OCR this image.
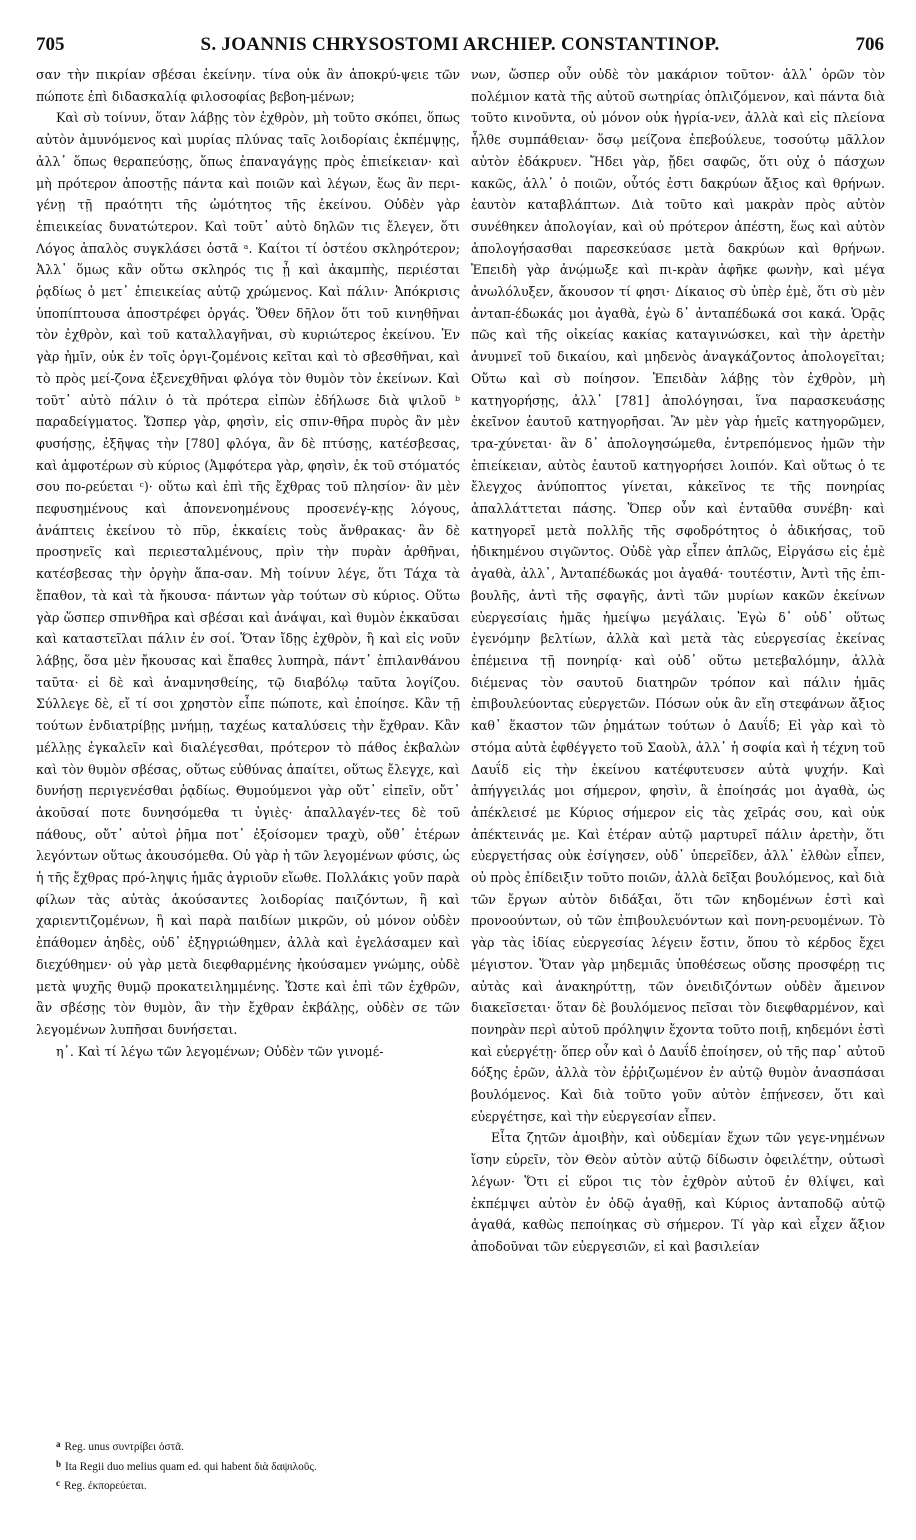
705	S. JOANNIS CHRYSOSTOMI ARCHIEP. CONSTANTINOP.	706

σαν τὴν πικρίαν σβέσαι ἐκείνην. τίνα οὐκ ἂν ἀποκρύ-ψειε τῶν πώποτε ἐπὶ διδασκαλίᾳ φιλοσοφίας βεβοη-μένων;

Καὶ σὺ τοίνυν, ὅταν λάβῃς τὸν ἐχθρὸν, μὴ τοῦτο σκόπει, ὅπως αὐτὸν ἀμυνόμενος καὶ μυρίας πλύνας ταῖς λοιδορίαις ἐκπέμψῃς, ἀλλ᾽ ὅπως θεραπεύσῃς, ὅπως ἐπαναγάγῃς πρὸς ἐπιείκειαν· καὶ μὴ πρότερον ἀποστῇς πάντα καὶ ποιῶν καὶ λέγων, ἕως ἂν περι-γένῃ τῇ πραότητι τῆς ὠμότητος τῆς ἐκείνου. Οὐδὲν γὰρ ἐπιεικείας δυνατώτερον. Καὶ τοῦτ᾽ αὐτὸ δηλῶν τις ἔλεγεν, ὅτι Λόγος ἁπαλὸς συγκλάσει ὀστᾶ ᵃ. Καίτοι τί ὀστέου σκληρότερον; Ἀλλ᾽ ὅμως κἂν οὕτω σκληρός τις ᾖ καὶ ἀκαμπὴς, περιέσται ῥᾳδίως ὁ μετ᾽ ἐπιεικείας αὐτῷ χρώμενος. Καὶ πάλιν· Ἀπόκρισις ὑποπίπτουσα ἀποστρέφει ὀργάς. Ὅθεν δῆλον ὅτι τοῦ κινηθῆναι τὸν ἐχθρὸν, καὶ τοῦ καταλλαγῆναι, σὺ κυριώτερος ἐκείνου. Ἐν γὰρ ἡμῖν, οὐκ ἐν τοῖς ὀργι-ζομένοις κεῖται καὶ τὸ σβεσθῆναι, καὶ τὸ πρὸς μεί-ζονα ἐξενεχθῆναι φλόγα τὸν θυμὸν τὸν ἐκείνων. Καὶ τοῦτ᾽ αὐτὸ πάλιν ὁ τὰ πρότερα εἰπὼν ἐδήλωσε διὰ ψιλοῦ ᵇ παραδείγματος. Ὥσπερ γὰρ, φησὶν, εἰς σπιν-θῆρα πυρὸς ἂν μὲν φυσήσῃς, ἐξῆψας τὴν [780] φλόγα, ἂν δὲ πτύσῃς, κατέσβεσας, καὶ ἀμφοτέρων σὺ κύριος (Ἀμφότερα γὰρ, φησὶν, ἐκ τοῦ στόματός σου πο-ρεύεται ᶜ)· οὕτω καὶ ἐπὶ τῆς ἔχθρας τοῦ πλησίον· ἂν μὲν πεφυσημένους καὶ ἀπονενοημένους προσενέγ-κῃς λόγους, ἀνάπτεις ἐκείνου τὸ πῦρ, ἐκκαίεις τοὺς ἄνθρακας· ἂν δὲ προσηνεῖς καὶ περιεσταλμένους, πρὶν τὴν πυρὰν ἀρθῆναι, κατέσβεσας τὴν ὀργὴν ἅπα-σαν. Μὴ τοίνυν λέγε, ὅτι Τάχα τὰ ἔπαθον, τὰ καὶ τὰ ἤκουσα· πάντων γὰρ τούτων σὺ κύριος. Οὕτω γὰρ ὥσπερ σπινθῆρα καὶ σβέσαι καὶ ἀνάψαι, καὶ θυμὸν ἐκκαῦσαι καὶ καταστεῖλαι πάλιν ἐν σοί. Ὅταν ἴδῃς ἐχθρὸν, ἢ καὶ εἰς νοῦν λάβῃς, ὅσα μὲν ἤκουσας καὶ ἔπαθες λυπηρὰ, πάντ᾽ ἐπιλανθάνου ταῦτα· εἰ δὲ καὶ ἀναμνησθείης, τῷ διαβόλῳ ταῦτα λογίζου. Σύλλεγε δὲ, εἴ τί σοι χρηστὸν εἶπε πώποτε, καὶ ἐποίησε. Κἂν τῇ τούτων ἐνδιατρίβῃς μνήμῃ, ταχέως καταλύσεις τὴν ἔχθραν. Κἂν μέλλῃς ἐγκαλεῖν καὶ διαλέγεσθαι, πρότερον τὸ πάθος ἐκβαλὼν καὶ τὸν θυμὸν σβέσας, οὕτως εὐθύνας ἀπαίτει, οὕτως ἔλεγχε, καὶ δυνήσῃ περιγενέσθαι ῥᾳδίως. Θυμούμενοι γὰρ οὔτ᾽ εἰπεῖν, οὔτ᾽ ἀκοῦσαί ποτε δυνησόμεθα τι ὑγιὲς· ἀπαλλαγέν-τες δὲ τοῦ πάθους, οὔτ᾽ αὐτοὶ ῥῆμα ποτ᾽ ἐξοίσομεν τραχὺ, οὔθ᾽ ἑτέρων λεγόντων οὕτως ἀκουσόμεθα. Οὐ γὰρ ἡ τῶν λεγομένων φύσις, ὡς ἡ τῆς ἔχθρας πρό-ληψις ἡμᾶς ἀγριοῦν εἴωθε. Πολλάκις γοῦν παρὰ φίλων τὰς αὐτὰς ἀκούσαντες λοιδορίας παιζόντων, ἢ καὶ χαριεντιζομένων, ἢ καὶ παρὰ παιδίων μικρῶν, οὐ μόνον οὐδὲν ἐπάθομεν ἀηδὲς, οὐδ᾽ ἐξηγριώθημεν, ἀλλὰ καὶ ἐγελάσαμεν καὶ διεχύθημεν· οὐ γὰρ μετὰ διεφθαρμένης ἠκούσαμεν γνώμης, οὐδὲ μετὰ ψυχῆς θυμῷ προκατειλημμένης. Ὥστε καὶ ἐπὶ τῶν ἐχθρῶν, ἂν σβέσῃς τὸν θυμὸν, ἂν τὴν ἔχθραν ἐκβάλῃς, οὐδὲν σε τῶν λεγομένων λυπῆσαι δυνήσεται.

η᾽. Καὶ τί λέγω τῶν λεγομένων; Οὐδὲν τῶν γινομέ-

νων, ὥσπερ οὖν οὐδὲ τὸν μακάριον τοῦτον· ἀλλ᾽ ὁρῶν τὸν πολέμιον κατὰ τῆς αὐτοῦ σωτηρίας ὁπλιζόμενον, καὶ πάντα διὰ τοῦτο κινοῦντα, οὐ μόνον οὐκ ἠγρία-νεν, ἀλλὰ καὶ εἰς πλείονα ἦλθε συμπάθειαν· ὅσῳ μείζονα ἐπεβούλευε, τοσούτῳ μᾶλλον αὐτὸν ἐδάκρυεν. Ἤδει γὰρ, ᾔδει σαφῶς, ὅτι οὐχ ὁ πάσχων κακῶς, ἀλλ᾽ ὁ ποιῶν, οὗτός ἐστι δακρύων ἄξιος καὶ θρήνων. ἑαυτὸν καταβλάπτων. Διὰ τοῦτο καὶ μακρὰν πρὸς αὐτὸν συνέθηκεν ἀπολογίαν, καὶ οὐ πρότερον ἀπέστη, ἕως καὶ αὐτὸν ἀπολογήσασθαι παρεσκεύασε μετὰ δακρύων καὶ θρήνων. Ἐπειδὴ γὰρ ἀνῴμωξε καὶ πι-κρὰν ἀφῆκε φωνὴν, καὶ μέγα ἀνωλόλυξεν, ἄκουσον τί φησι· Δίκαιος σὺ ὑπὲρ ἐμὲ, ὅτι σὺ μὲν ἀνταπ-έδωκάς μοι ἀγαθὰ, ἐγὼ δ᾽ ἀνταπέδωκά σοι κακά. Ὁρᾷς πῶς καὶ τῆς οἰκείας κακίας καταγινώσκει, καὶ τὴν ἀρετὴν ἀνυμνεῖ τοῦ δικαίου, καὶ μηδενὸς ἀναγκάζοντος ἀπολογεῖται; Οὕτω καὶ σὺ ποίησον. Ἐπειδὰν λάβῃς τὸν ἐχθρὸν, μὴ κατηγορήσῃς, ἀλλ᾽ [781] ἀπολόγησαι, ἵνα παρασκευάσῃς ἐκεῖνον ἑαυτοῦ κατηγορῆσαι. Ἂν μὲν γὰρ ἡμεῖς κατηγορῶμεν, τρα-χύνεται· ἂν δ᾽ ἀπολογησώμεθα, ἐντρεπόμενος ἡμῶν τὴν ἐπιείκειαν, αὐτὸς ἑαυτοῦ κατηγορήσει λοιπόν. Καὶ οὕτως ὁ τε ἔλεγχος ἀνύποπτος γίνεται, κἀκεῖνος τε τῆς πονηρίας ἀπαλλάττεται πάσης. Ὅπερ οὖν καὶ ἐνταῦθα συνέβη· καὶ κατηγορεῖ μετὰ πολλῆς τῆς σφοδρότητος ὁ ἀδικήσας, τοῦ ἠδικημένου σιγῶντος. Οὐδὲ γὰρ εἶπεν ἁπλῶς, Εἰργάσω εἰς ἐμὲ ἀγαθὰ, ἀλλ᾽, Ἀνταπέδωκάς μοι ἀγαθά· τουτέστιν, Ἀντὶ τῆς ἐπι-βουλῆς, ἀντὶ τῆς σφαγῆς, ἀντὶ τῶν μυρίων κακῶν ἐκείνων εὐεργεσίαις ἡμᾶς ἠμείψω μεγάλαις. Ἐγὼ δ᾽ οὐδ᾽ οὕτως ἐγενόμην βελτίων, ἀλλὰ καὶ μετὰ τὰς εὐεργεσίας ἐκείνας ἐπέμεινα τῇ πονηρίᾳ· καὶ οὐδ᾽ οὕτω μετεβαλόμην, ἀλλὰ διέμενας τὸν σαυτοῦ διατηρῶν τρόπον καὶ πάλιν ἡμᾶς ἐπιβουλεύοντας εὐεργετῶν. Πόσων οὐκ ἂν εἴη στεφάνων ἄξιος καθ᾽ ἕκαστον τῶν ῥημάτων τούτων ὁ Δαυΐδ; Εἰ γὰρ καὶ τὸ στόμα αὐτὰ ἐφθέγγετο τοῦ Σαοὺλ, ἀλλ᾽ ἡ σοφία καὶ ἡ τέχνη τοῦ Δαυΐδ εἰς τὴν ἐκείνου κατέφυτευσεν αὐτὰ ψυχήν. Καὶ ἀπήγγειλάς μοι σήμερον, φησὶν, ἃ ἐποίησάς μοι ἀγαθὰ, ὡς ἀπέκλεισέ με Κύριος σήμερον εἰς τὰς χεῖράς σου, καὶ οὐκ ἀπέκτεινάς με. Καὶ ἑτέραν αὐτῷ μαρτυρεῖ πάλιν ἀρετὴν, ὅτι εὐεργετήσας οὐκ ἐσίγησεν, οὐδ᾽ ὑπερεῖδεν, ἀλλ᾽ ἐλθὼν εἶπεν, οὐ πρὸς ἐπίδειξιν τοῦτο ποιῶν, ἀλλὰ δεῖξαι βουλόμενος, καὶ διὰ τῶν ἔργων αὐτὸν διδάξαι, ὅτι τῶν κηδομένων ἐστὶ καὶ προνοούντων, οὐ τῶν ἐπιβουλευόντων καὶ πονη-ρευομένων. Τὸ γὰρ τὰς ἰδίας εὐεργεσίας λέγειν ἔστιν, ὅπου τὸ κέρδος ἔχει μέγιστον. Ὅταν γὰρ μηδεμιᾶς ὑποθέσεως οὔσης προσφέρῃ τις αὐτὰς καὶ ἀνακηρύττῃ, τῶν ὀνειδιζόντων οὐδὲν ἄμεινον διακεῖσεται· ὅταν δὲ βουλόμενος πεῖσαι τὸν διεφθαρμένον, καὶ πονηρὰν περὶ αὐτοῦ πρόληψιν ἔχοντα τοῦτο ποιῇ, κηδεμόνι ἐστὶ καὶ εὐεργέτῃ· ὅπερ οὖν καὶ ὁ Δαυΐδ ἐποίησεν, οὐ τῆς παρ᾽ αὐτοῦ δόξης ἐρῶν, ἀλλὰ τὸν ἐῤῥιζωμένον ἐν αὐτῷ θυμὸν ἀνασπάσαι βουλόμενος. Καὶ διὰ τοῦτο γοῦν αὐτὸν ἐπῄνεσεν, ὅτι καὶ εὐεργέτησε, καὶ τὴν εὐεργεσίαν εἶπεν.

Εἶτα ζητῶν ἀμοιβὴν, καὶ οὐδεμίαν ἔχων τῶν γεγε-νημένων ἴσην εὑρεῖν, τὸν Θεὸν αὐτὸν αὐτῷ δίδωσιν ὀφειλέτην, οὑτωσὶ λέγων· Ὅτι εἰ εὕροι τις τὸν ἐχθρὸν αὐτοῦ ἐν θλίψει, καὶ ἐκπέμψει αὐτὸν ἐν ὁδῷ ἀγαθῇ, καὶ Κύριος ἀνταποδῷ αὐτῷ ἀγαθά, καθὼς πεποίηκας σὺ σήμερον. Τί γὰρ καὶ εἶχεν ἄξιον ἀποδοῦναι τῶν εὐεργεσιῶν, εἰ καὶ βασιλείαν

$^a$ Reg. unus συντρίβει ὀστᾶ.
$^b$ Ita Regii duo melius quam ed. qui habent διὰ δαψιλοῦς.
$^c$ Reg. ἐκπορεύεται.
